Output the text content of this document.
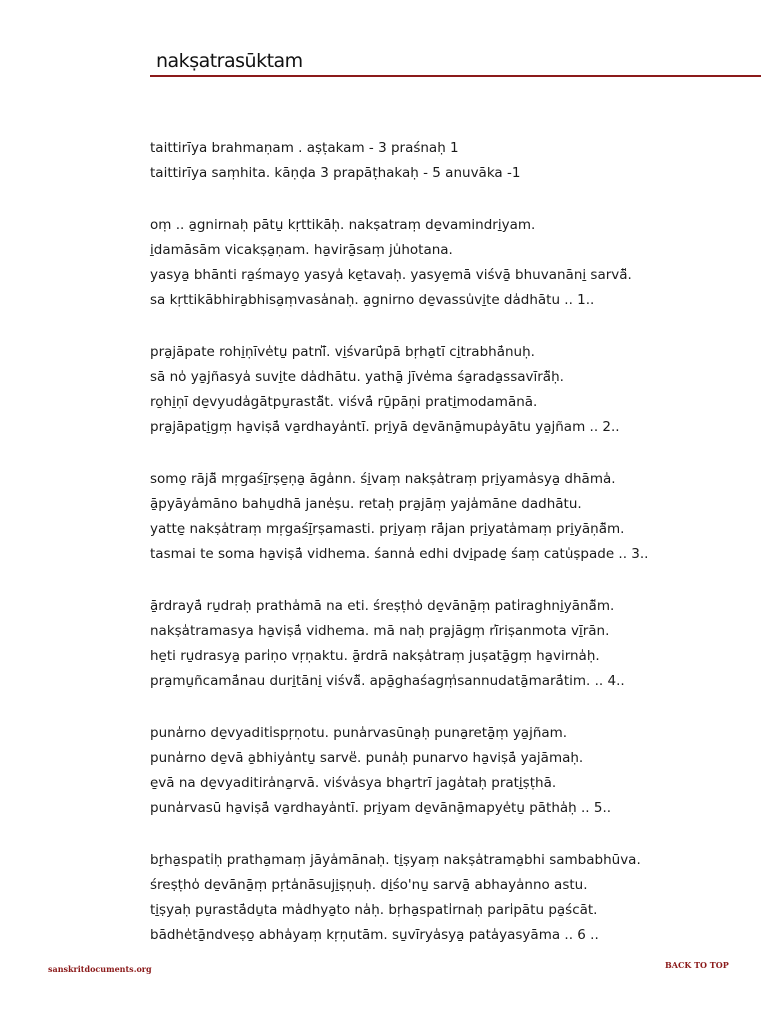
nakṣatrasūktam
taittirīya brahmaṇam . aṣṭakam - 3 praśnaḥ 1
taittirīya saṃhita. kāṇḍa 3 prapāṭhakaḥ - 5 anuvāka -1
oṃ .. a̱gnirnaḥ pātu̱ kṛttikāḥ. nakṣatraṃ de̱vamindri̱yam.
i̱damāsām vicakṣa̱ṇam. ha̱virā̱saṃ ju̍hotana.
yasya̱ bhānti ra̱śmayo̱ yasya̍ ke̱tavaḥ. yasye̱mā viśvā̱ bhuvanāni̱ sarvā̎.
sa kṛttikābhira̱bhisa̱ṃvasa̍naḥ. a̱gnirno de̱vassu̍vi̱te da̍dhātu .. 1..
pra̱jāpate rohi̱ṇīve̍tu̱ patnī̎. vi̱śvarū̍pā bṛha̱tī ci̱trabhā̍nuḥ.
sā no̍ ya̱jñasya̍ suvi̱te da̍dhātu. yathā̱ jīve̍ma śa̱rada̱ssavīrā̎ḥ.
ro̱hi̱ṇī de̱vyuda̍gātpu̱rastā̎t. viśvā̍ rū̱pāṇi prati̱modamānā.
pra̱jāpati̱gṃ ha̱viṣā̍ va̱rdhaya̍ntī. pri̱yā de̱vānā̱mupa̍yātu ya̱jñam .. 2..
somo̱ rājā̎ mṛgaśī̱rṣe̱ṇa̱ āga̍nn. śi̱vaṃ nakṣa̍traṃ pri̱yama̍sya̱ dhāma̍.
ā̱pyāya̍māno bahu̱dhā jane̍ṣu. retaḥ pra̱jāṃ yaja̍māne dadhātu.
yatte̱ nakṣa̍traṃ mṛgaśī̱rṣamasti. pri̱yaṃ rā̍jan pri̱yata̍maṃ pri̱yāṇā̎m.
tasmai te soma ha̱viṣā̍ vidhema. śanna̍ edhi dvi̱pade̱ śaṃ catu̍ṣpade .. 3..
ā̱rdrayā̍ ru̱draḥ pratha̍mā na eti. śreṣṭho̍ de̱vānā̱ṃ pati̍raghni̱yānā̎m.
nakṣa̍tramasya ha̱viṣā̍ vidhema. mā naḥ pra̱jāgṃ rī̍riṣanmota vī̱rān.
he̱ti ru̱drasya̱ pari̍ṇo vṛṇaktu. ā̱rdrā nakṣa̍traṃ juṣatā̱gṃ ha̱virna̍ḥ.
pra̱mu̱ñcamā̍nau duri̱tāni̱ viśvā̎. apā̱ghaśagṃ̍sannudatā̱marā̍tim. .. 4..
puna̍rno de̱vyaditi̍spṛṇotu. puna̍rvasūna̱ḥ puna̱retā̱ṃ ya̱jñam.
puna̍rno de̱vā a̱bhiya̍ntu̱ sarve̎. puna̍ḥ punarvo ha̱viṣā̍ yajāmaḥ.
e̱vā na de̱vyaditira̍na̱rvā. viśva̍sya bha̱rtrī jaga̍taḥ prati̱ṣṭhā.
puna̍rvasū ha̱viṣā̍ va̱rdhaya̍ntī. pri̱yam de̱vānā̱mapye̍tu̱ pātha̍ḥ .. 5..
bṛ̱ha̱spati̍ḥ pratha̱maṃ jāya̍mānaḥ. ti̱ṣyaṃ nakṣa̍trama̱bhi sambabhūva.
śreṣṭho̍ de̱vānā̱ṃ pṛta̍nāsuji̱ṣṇuḥ. di̱śo'nu̱ sarvā̱ abhaya̍nno astu.
ti̱ṣyaḥ pu̱rastā̍du̱ta ma̍dhya̱to na̍ḥ. bṛha̱spati̍rnaḥ pari̍pātu pa̱ścāt.
bādhe̍tā̱ndveṣo̱ abha̍yaṃ kṛṇutām. su̱vīrya̍sya̱ pata̍yasyāma .. 6 ..
sanskritdocuments.org	BACK TO TOP
